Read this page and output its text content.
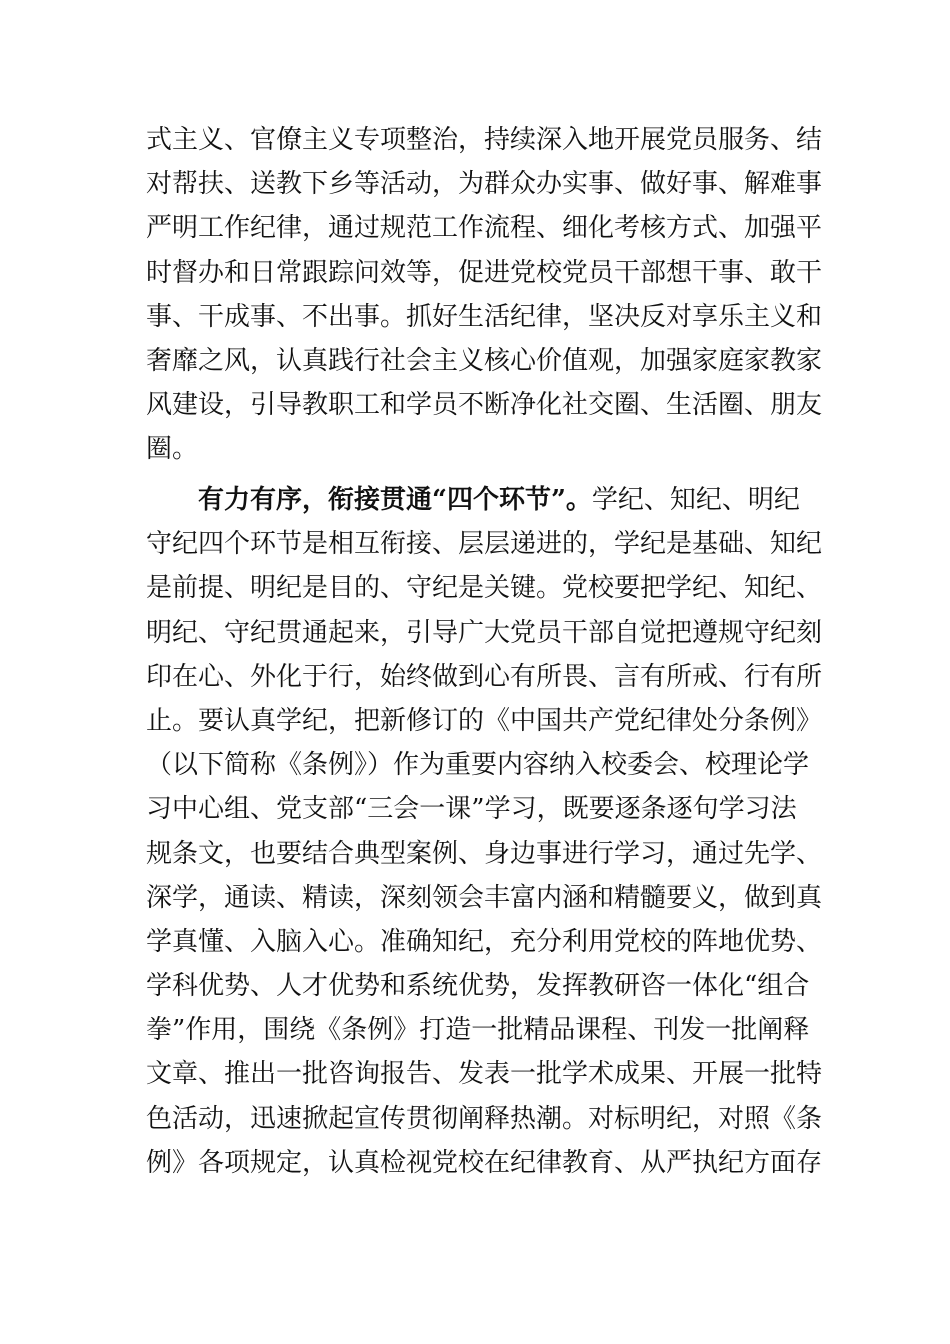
式主义、官僚主义专项整治，持续深入地开展党员服务、结
对帮扶、送教下乡等活动，为群众办实事、做好事、解难事
严明工作纪律，通过规范工作流程、细化考核方式、加强平
时督办和日常跟踪问效等，促进党校党员干部想干事、敢干
事、干成事、不出事。抓好生活纪律，坚决反对享乐主义和
奢靡之风，认真践行社会主义核心价值观，加强家庭家教家
风建设，引导教职工和学员不断净化社交圈、生活圈、朋友
圈。
有力有序，衔接贯通“四个环节”。学纪、知纪、明纪
守纪四个环节是相互衔接、层层递进的，学纪是基础、知纪
是前提、明纪是目的、守纪是关键。党校要把学纪、知纪、
明纪、守纪贯通起来，引导广大党员干部自觉把遵规守纪刻
印在心、外化于行，始终做到心有所畏、言有所戒、行有所
止。要认真学纪，把新修订的《中国共产党纪律处分条例》
（以下简称《条例》）作为重要内容纳入校委会、校理论学
习中心组、党支部“三会一课”学习，既要逐条逐句学习法
规条文，也要结合典型案例、身边事进行学习，通过先学、
深学，通读、精读，深刻领会丰富内涵和精髓要义，做到真
学真懂、入脑入心。准确知纪，充分利用党校的阵地优势、
学科优势、人才优势和系统优势，发挥教研咨一体化“组合
拳”作用，围绕《条例》打造一批精品课程、刊发一批阐释
文章、推出一批咨询报告、发表一批学术成果、开展一批特
色活动，迅速掀起宣传贯彻阐释热潮。对标明纪，对照《条
例》各项规定，认真检视党校在纪律教育、从严执纪方面存
